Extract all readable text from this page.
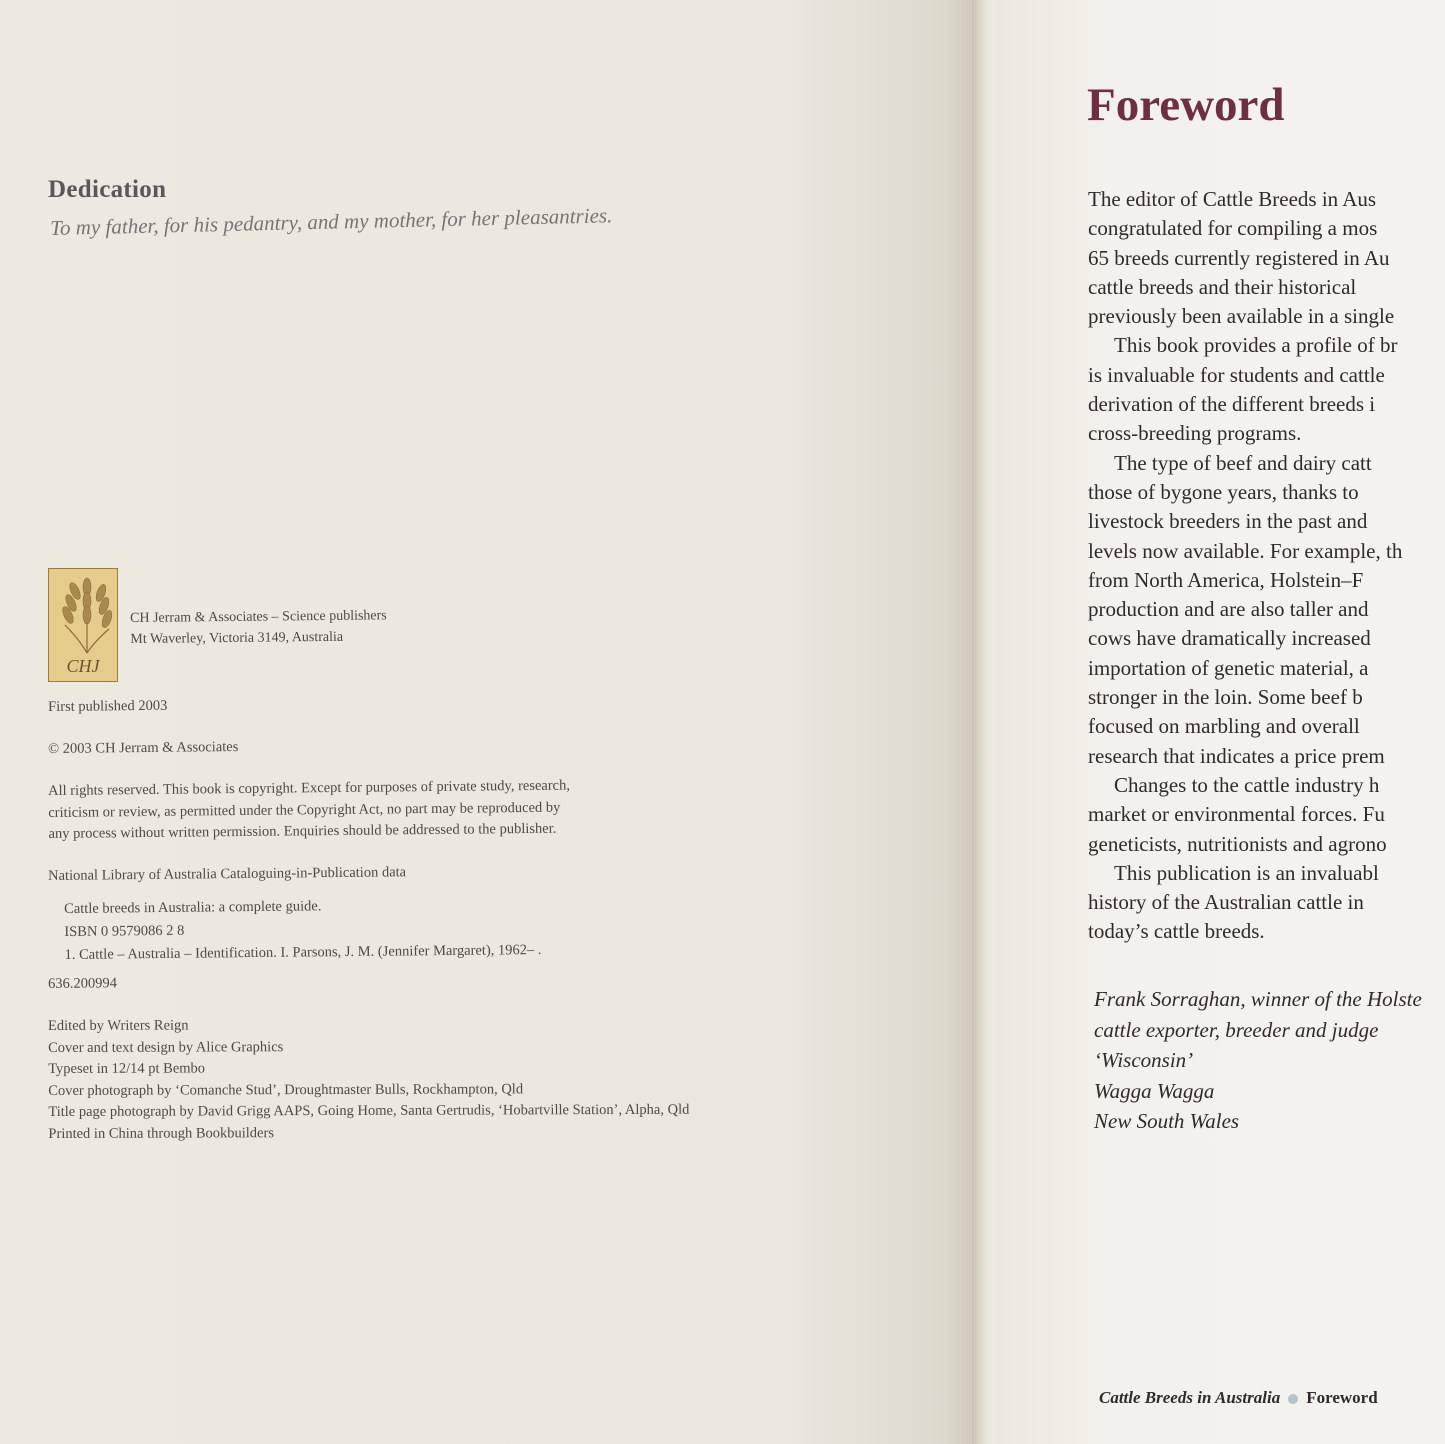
Dedication

To my father, for his pedantry, and my mother, for her pleasantries.

CHJ

CH Jerram & Associates – Science publishers

Mt Waverley, Victoria 3149, Australia

First published 2003

© 2003 CH Jerram & Associates

All rights reserved. This book is copyright. Except for purposes of private study, research,

criticism or review, as permitted under the Copyright Act, no part may be reproduced by

any process without written permission. Enquiries should be addressed to the publisher.

National Library of Australia Cataloguing-in-Publication data

Cattle breeds in Australia: a complete guide.

ISBN 0 9579086 2 8

1. Cattle – Australia – Identification. I. Parsons, J. M. (Jennifer Margaret), 1962– .

636.200994

Edited by Writers Reign

Cover and text design by Alice Graphics

Typeset in 12/14 pt Bembo

Cover photograph by ‘Comanche Stud’, Droughtmaster Bulls, Rockhampton, Qld

Title page photograph by David Grigg AAPS, Going Home, Santa Gertrudis, ‘Hobartville Station’, Alpha, Qld

Printed in China through Bookbuilders

Foreword

The editor of Cattle Breeds in Aus

congratulated for compiling a mos

65 breeds currently registered in Au

cattle breeds and their historical

previously been available in a single

This book provides a profile of br

is invaluable for students and cattle

derivation of the different breeds i

cross-breeding programs.

The type of beef and dairy catt

those of bygone years, thanks to

livestock breeders in the past and

levels now available. For example, th

from North America, Holstein–F

production and are also taller and

cows have dramatically increased

importation of genetic material, a

stronger in the loin. Some beef b

focused on marbling and overall

research that indicates a price prem

Changes to the cattle industry h

market or environmental forces. Fu

geneticists, nutritionists and agrono

This publication is an invaluabl

history of the Australian cattle in

today’s cattle breeds.

Frank Sorraghan, winner of the Holste

cattle exporter, breeder and judge

‘Wisconsin’

Wagga Wagga

New South Wales

Cattle Breeds in Australia Foreword
